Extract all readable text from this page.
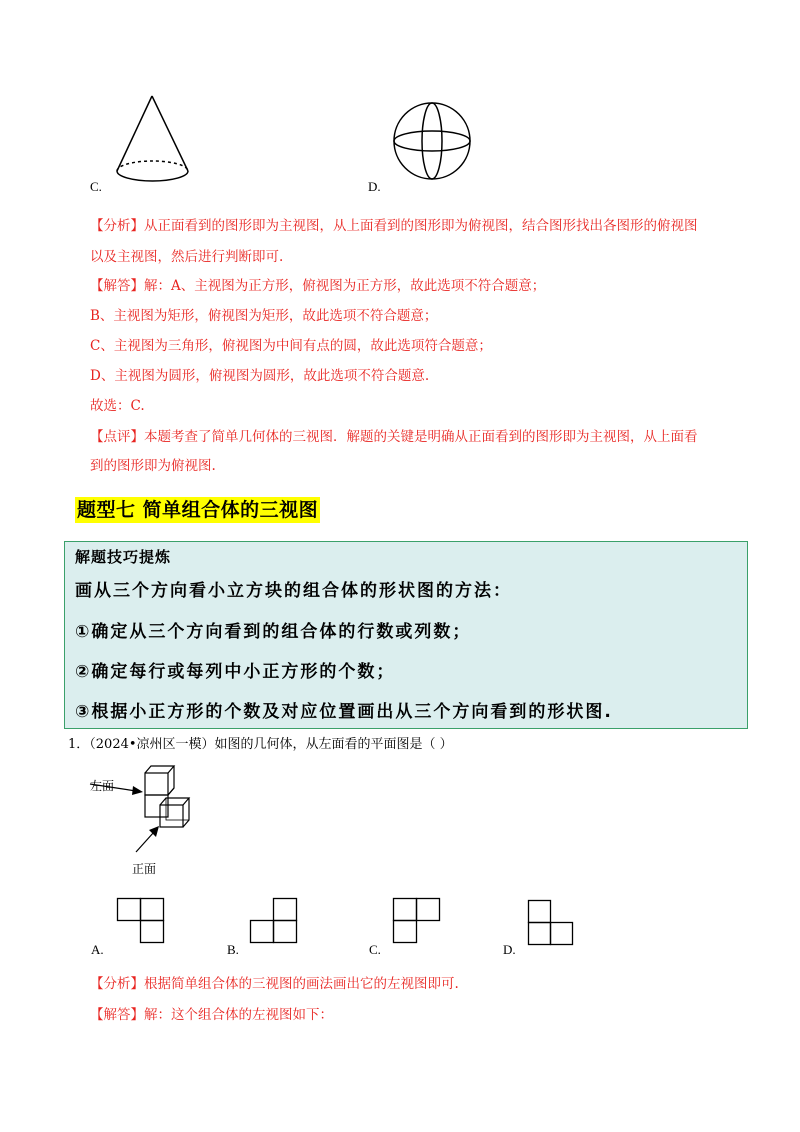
C.	D.
【分析】从正面看到的图形即为主视图，从上面看到的图形即为俯视图，结合图形找出各图形的俯视图
以及主视图，然后进行判断即可.
【解答】解：A、主视图为正方形，俯视图为正方形，故此选项不符合题意；
B、主视图为矩形，俯视图为矩形，故此选项不符合题意；
C、主视图为三角形，俯视图为中间有点的圆，故此选项符合题意；
D、主视图为圆形，俯视图为圆形，故此选项不符合题意.
故选：C.
【点评】本题考查了简单几何体的三视图．解题的关键是明确从正面看到的图形即为主视图，从上面看
到的图形即为俯视图.
题型七 简单组合体的三视图
解题技巧提炼
画从三个方向看小立方块的组合体的形状图的方法：
①确定从三个方向看到的组合体的行数或列数；
②确定每行或每列中小正方形的个数；
③根据小正方形的个数及对应位置画出从三个方向看到的形状图.
1．（2024•凉州区一模）如图的几何体，从左面看的平面图是（ ）
左面
正面
A.	B.	C.	D.
【分析】根据简单组合体的三视图的画法画出它的左视图即可.
【解答】解：这个组合体的左视图如下：
